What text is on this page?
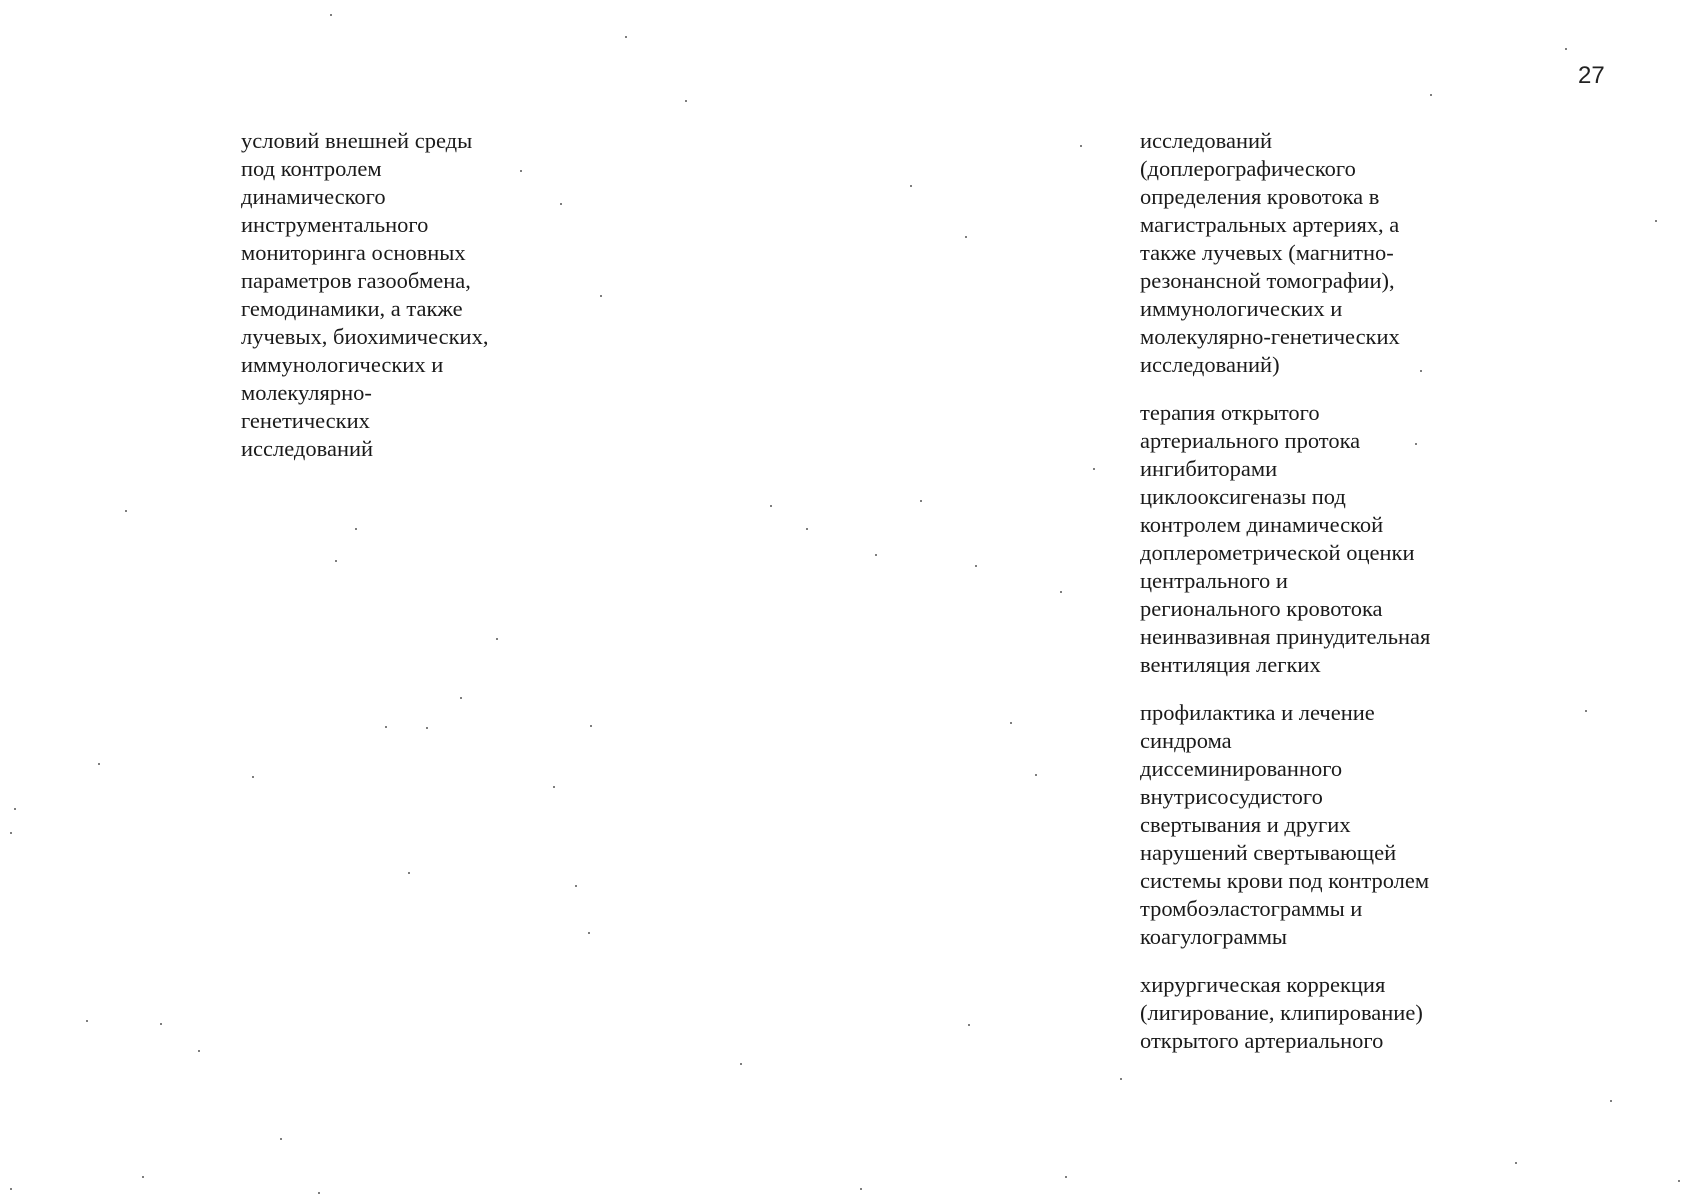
27
условий внешней среды
под контролем
динамического
инструментального
мониторинга основных
параметров газообмена,
гемодинамики, а также
лучевых, биохимических,
иммунологических и
молекулярно-
генетических
исследований
исследований
(доплерографического
определения кровотока в
магистральных артериях, а
также лучевых (магнитно-
резонансной томографии),
иммунологических и
молекулярно-генетических
исследований)
терапия открытого
артериального протока
ингибиторами
циклооксигеназы под
контролем динамической
доплерометрической оценки
центрального и
регионального кровотока
неинвазивная принудительная
вентиляция легких
профилактика и лечение
синдрома
диссеминированного
внутрисосудистого
свертывания и других
нарушений свертывающей
системы крови под контролем
тромбоэластограммы и
коагулограммы
хирургическая коррекция
(лигирование, клипирование)
открытого артериального
